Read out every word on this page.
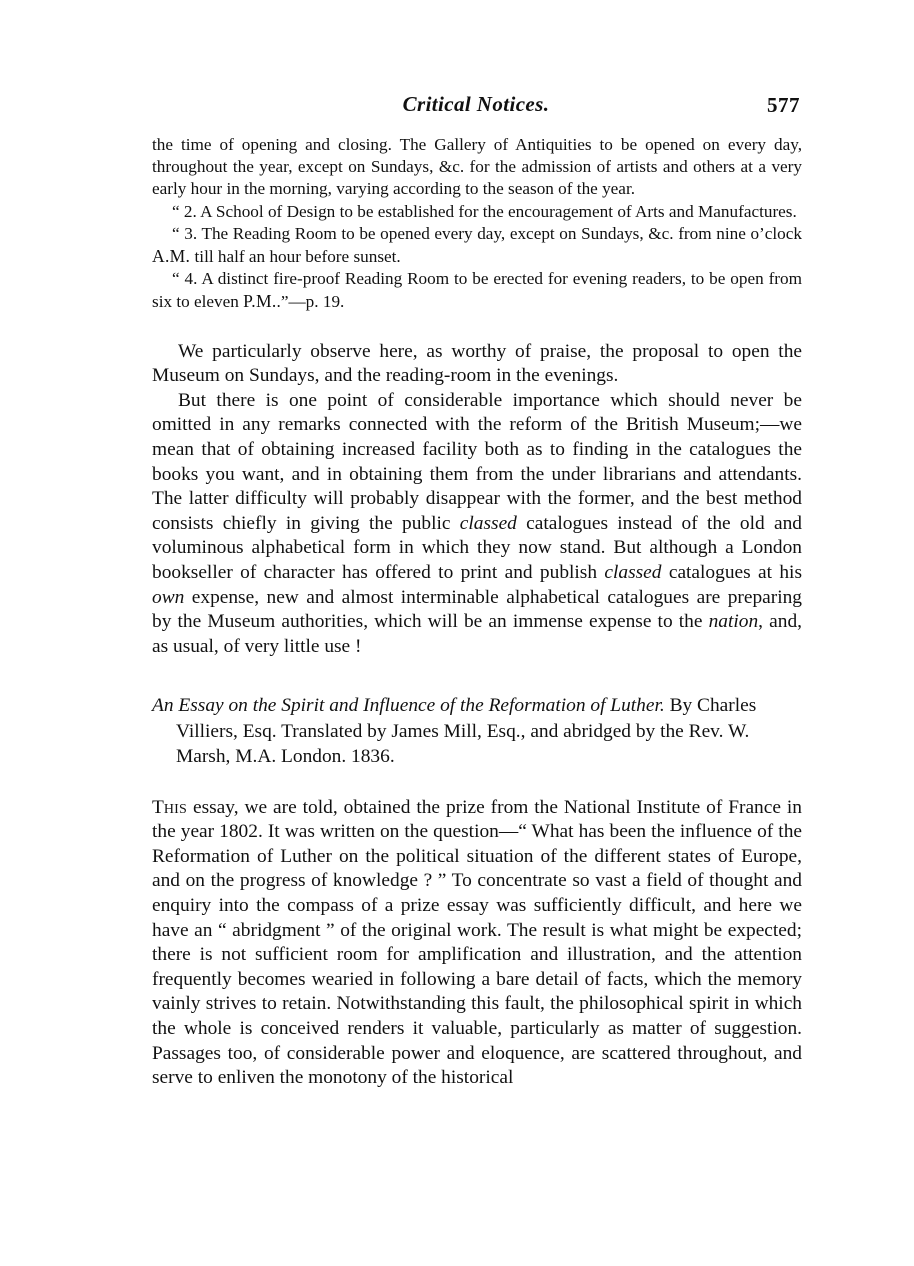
Critical Notices.	577

the time of opening and closing. The Gallery of Antiquities to be opened on every day, throughout the year, except on Sundays, &c. for the admission of artists and others at a very early hour in the morning, varying according to the season of the year.

“ 2. A School of Design to be established for the encouragement of Arts and Manufactures.

“ 3. The Reading Room to be opened every day, except on Sundays, &c. from nine o’clock A.M. till half an hour before sunset.

“ 4. A distinct fire-proof Reading Room to be erected for evening readers, to be open from six to eleven P.M..”—p. 19.

We particularly observe here, as worthy of praise, the proposal to open the Museum on Sundays, and the reading-room in the evenings.

But there is one point of considerable importance which should never be omitted in any remarks connected with the reform of the British Museum;—we mean that of obtaining increased facility both as to finding in the catalogues the books you want, and in obtaining them from the under librarians and attendants. The latter difficulty will probably disappear with the former, and the best method consists chiefly in giving the public classed catalogues instead of the old and voluminous alphabetical form in which they now stand. But although a London bookseller of character has offered to print and publish classed catalogues at his own expense, new and almost interminable alphabetical catalogues are preparing by the Museum authorities, which will be an immense expense to the nation, and, as usual, of very little use !

An Essay on the Spirit and Influence of the Reformation of Luther. By Charles Villiers, Esq. Translated by James Mill, Esq., and abridged by the Rev. W. Marsh, M.A. London. 1836.

This essay, we are told, obtained the prize from the National Institute of France in the year 1802. It was written on the question—“ What has been the influence of the Reformation of Luther on the political situation of the different states of Europe, and on the progress of knowledge ? ” To concentrate so vast a field of thought and enquiry into the compass of a prize essay was sufficiently difficult, and here we have an “ abridgment ” of the original work. The result is what might be expected; there is not sufficient room for amplification and illustration, and the attention frequently becomes wearied in following a bare detail of facts, which the memory vainly strives to retain. Notwithstanding this fault, the philosophical spirit in which the whole is conceived renders it valuable, particularly as matter of suggestion. Passages too, of considerable power and eloquence, are scattered throughout, and serve to enliven the monotony of the historical
